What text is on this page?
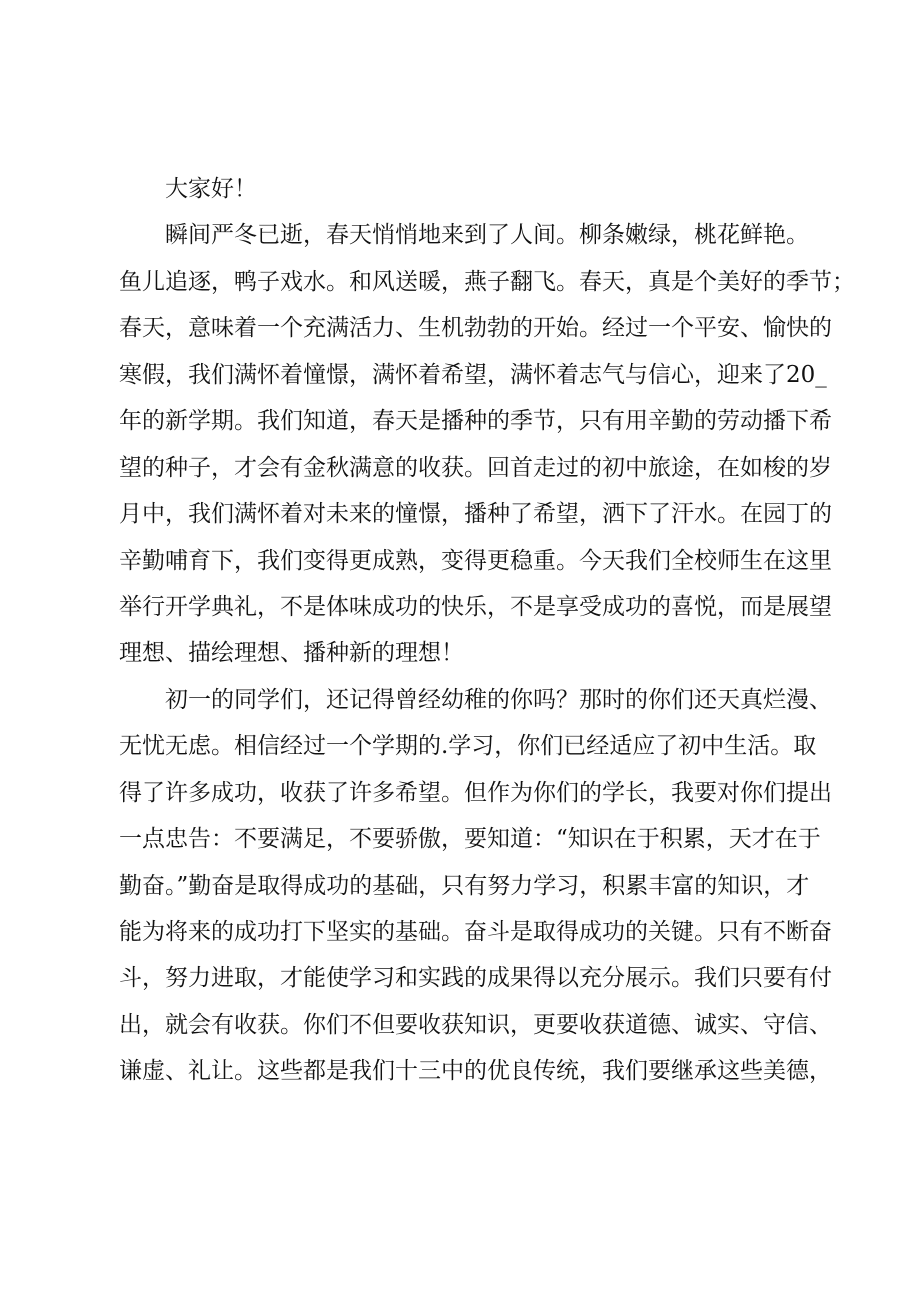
大家好！
瞬间严冬已逝，春天悄悄地来到了人间。柳条嫩绿，桃花鲜艳。
鱼儿追逐，鸭子戏水。和风送暖，燕子翻飞。春天，真是个美好的季节；
春天，意味着一个充满活力、生机勃勃的开始。经过一个平安、愉快的
寒假，我们满怀着憧憬，满怀着希望，满怀着志气与信心，迎来了20_
年的新学期。我们知道，春天是播种的季节，只有用辛勤的劳动播下希
望的种子，才会有金秋满意的收获。回首走过的初中旅途，在如梭的岁
月中，我们满怀着对未来的憧憬，播种了希望，洒下了汗水。在园丁的
辛勤哺育下，我们变得更成熟，变得更稳重。今天我们全校师生在这里
举行开学典礼，不是体味成功的快乐，不是享受成功的喜悦，而是展望
理想、描绘理想、播种新的理想！
初一的同学们，还记得曾经幼稚的你吗？那时的你们还天真烂漫、
无忧无虑。相信经过一个学期的.学习，你们已经适应了初中生活。取
得了许多成功，收获了许多希望。但作为你们的学长，我要对你们提出
一点忠告：不要满足，不要骄傲，要知道：“知识在于积累，天才在于
勤奋。”勤奋是取得成功的基础，只有努力学习，积累丰富的知识，才
能为将来的成功打下坚实的基础。奋斗是取得成功的关键。只有不断奋
斗，努力进取，才能使学习和实践的成果得以充分展示。我们只要有付
出，就会有收获。你们不但要收获知识，更要收获道德、诚实、守信、
谦虚、礼让。这些都是我们十三中的优良传统，我们要继承这些美德，
